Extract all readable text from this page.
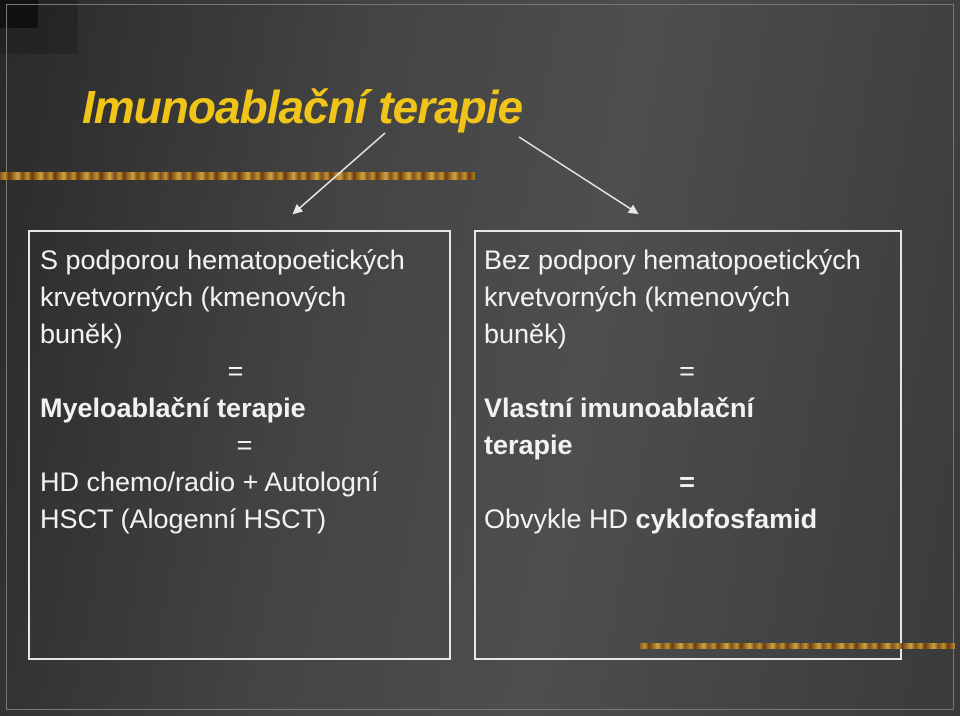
Imunoablační terapie

S podporou hematopoetických krvetvorných (kmenových buněk)

=

Myeloablační terapie

=

HD chemo/radio + Autologní HSCT (Alogenní HSCT)

Bez podpory hematopoetických krvetvorných (kmenových buněk)

=

Vlastní imunoablační terapie

=

Obvykle HD cyklofosfamid
